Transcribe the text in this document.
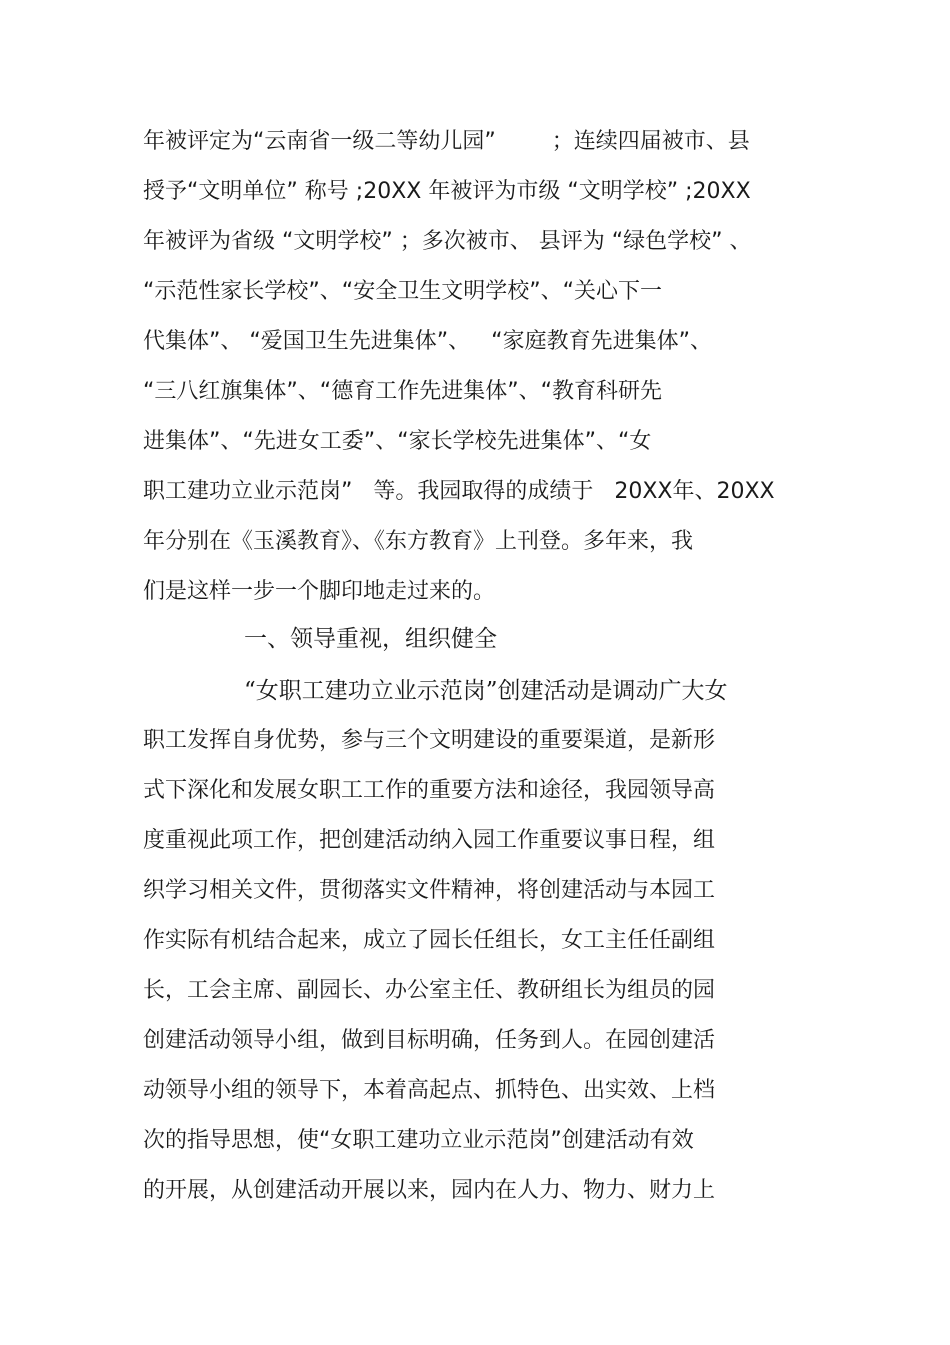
年被评定为“云南省一级二等幼儿园”        ；连续四届被市、县
授予“文明单位” 称号 ;20XX 年被评为市级 “文明学校” ;20XX
年被评为省级 “文明学校” ；多次被市、 县评为 “绿色学校” 、
“示范性家长学校”、“安全卫生文明学校”、“关心下一
代集体”、 “爱国卫生先进集体”、   “家庭教育先进集体”、
“三八红旗集体”、“德育工作先进集体”、“教育科研先
进集体”、“先进女工委”、“家长学校先进集体”、“女
职工建功立业示范岗”   等。我园取得的成绩于   20XX年、20XX
年分别在《玉溪教育》、《东方教育》上刊登。多年来，我
们是这样一步一个脚印地走过来的。
一、领导重视，组织健全
“女职工建功立业示范岗”创建活动是调动广大女
职工发挥自身优势，参与三个文明建设的重要渠道，是新形
式下深化和发展女职工工作的重要方法和途径，我园领导高
度重视此项工作，把创建活动纳入园工作重要议事日程，组
织学习相关文件，贯彻落实文件精神，将创建活动与本园工
作实际有机结合起来，成立了园长任组长，女工主任任副组
长，工会主席、副园长、办公室主任、教研组长为组员的园
创建活动领导小组，做到目标明确，任务到人。在园创建活
动领导小组的领导下，本着高起点、抓特色、出实效、上档
次的指导思想，使“女职工建功立业示范岗”创建活动有效
的开展，从创建活动开展以来，园内在人力、物力、财力上
